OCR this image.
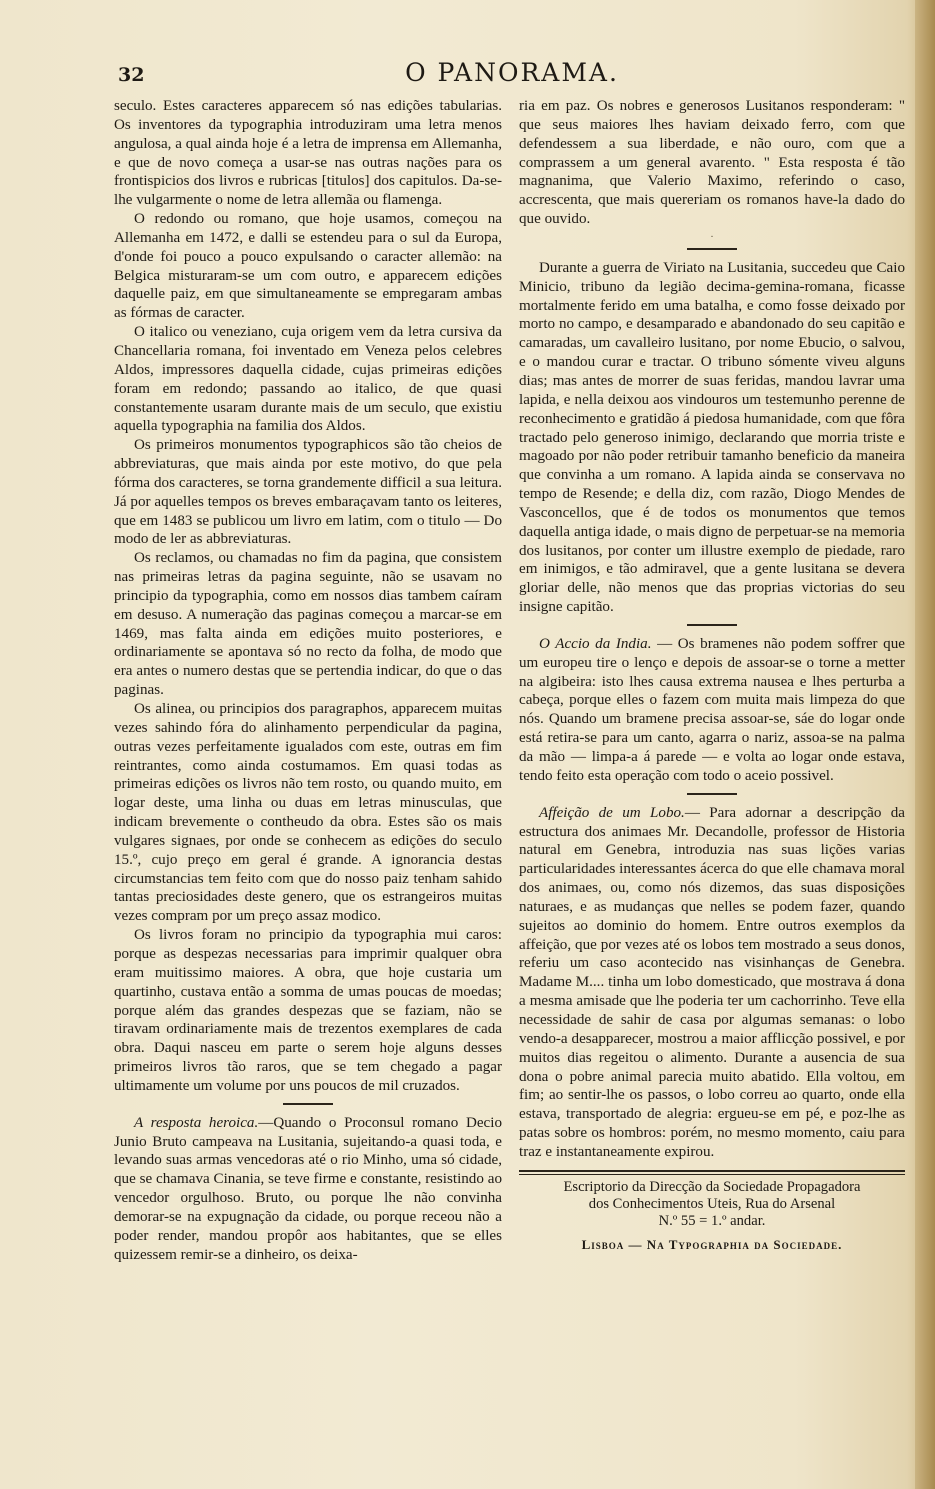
32	O PANORAMA.

seculo. Estes caracteres apparecem só nas edições tabularias. Os inventores da typographia introduziram uma letra menos angulosa, a qual ainda hoje é a letra de imprensa em Allemanha, e que de novo começa a usar-se nas outras nações para os frontispicios dos livros e rubricas [titulos] dos capitulos. Da-se-lhe vulgarmente o nome de letra allemãa ou flamenga.

O redondo ou romano, que hoje usamos, começou na Allemanha em 1472, e dalli se estendeu para o sul da Europa, d'onde foi pouco a pouco expulsando o caracter allemão: na Belgica misturaram-se um com outro, e apparecem edições daquelle paiz, em que simultaneamente se empregaram ambas as fórmas de caracter.

O italico ou veneziano, cuja origem vem da letra cursiva da Chancellaria romana, foi inventado em Veneza pelos celebres Aldos, impressores daquella cidade, cujas primeiras edições foram em redondo; passando ao italico, de que quasi constantemente usaram durante mais de um seculo, que existiu aquella typographia na familia dos Aldos.

Os primeiros monumentos typographicos são tão cheios de abbreviaturas, que mais ainda por este motivo, do que pela fórma dos caracteres, se torna grandemente difficil a sua leitura. Já por aquelles tempos os breves embaraçavam tanto os leiteres, que em 1483 se publicou um livro em latim, com o titulo — Do modo de ler as abbreviaturas.

Os reclamos, ou chamadas no fim da pagina, que consistem nas primeiras letras da pagina seguinte, não se usavam no principio da typographia, como em nossos dias tambem caíram em desuso. A numeração das paginas começou a marcar-se em 1469, mas falta ainda em edições muito posteriores, e ordinariamente se apontava só no recto da folha, de modo que era antes o numero destas que se pertendia indicar, do que o das paginas.

Os alinea, ou principios dos paragraphos, apparecem muitas vezes sahindo fóra do alinhamento perpendicular da pagina, outras vezes perfeitamente igualados com este, outras em fim reintrantes, como ainda costumamos. Em quasi todas as primeiras edições os livros não tem rosto, ou quando muito, em logar deste, uma linha ou duas em letras minusculas, que indicam brevemente o contheudo da obra. Estes são os mais vulgares signaes, por onde se conhecem as edições do seculo 15.º, cujo preço em geral é grande. A ignorancia destas circumstancias tem feito com que do nosso paiz tenham sahido tantas preciosidades deste genero, que os estrangeiros muitas vezes compram por um preço assaz modico.

Os livros foram no principio da typographia mui caros: porque as despezas necessarias para imprimir qualquer obra eram muitissimo maiores. A obra, que hoje custaria um quartinho, custava então a somma de umas poucas de moedas; porque além das grandes despezas que se faziam, não se tiravam ordinariamente mais de trezentos exemplares de cada obra. Daqui nasceu em parte o serem hoje alguns desses primeiros livros tão raros, que se tem chegado a pagar ultimamente um volume por uns poucos de mil cruzados.

A resposta heroica.—Quando o Proconsul romano Decio Junio Bruto campeava na Lusitania, sujeitando-a quasi toda, e levando suas armas vencedoras até o rio Minho, uma só cidade, que se chamava Cinania, se teve firme e constante, resistindo ao vencedor orgulhoso. Bruto, ou porque lhe não convinha demorar-se na expugnação da cidade, ou porque receou não a poder render, mandou propôr aos habitantes, que se elles quizessem remir-se a dinheiro, os deixa-

ria em paz. Os nobres e generosos Lusitanos responderam: " que seus maiores lhes haviam deixado ferro, com que defendessem a sua liberdade, e não ouro, com que a comprassem a um general avarento. " Esta resposta é tão magnanima, que Valerio Maximo, referindo o caso, accrescenta, que mais quereriam os romanos have-la dado do que ouvido.

.

Durante a guerra de Viriato na Lusitania, succedeu que Caio Minicio, tribuno da legião decima-gemina-romana, ficasse mortalmente ferido em uma batalha, e como fosse deixado por morto no campo, e desamparado e abandonado do seu capitão e camaradas, um cavalleiro lusitano, por nome Ebucio, o salvou, e o mandou curar e tractar. O tribuno sómente viveu alguns dias; mas antes de morrer de suas feridas, mandou lavrar uma lapida, e nella deixou aos vindouros um testemunho perenne de reconhecimento e gratidão á piedosa humanidade, com que fôra tractado pelo generoso inimigo, declarando que morria triste e magoado por não poder retribuir tamanho beneficio da maneira que convinha a um romano. A lapida ainda se conservava no tempo de Resende; e della diz, com razão, Diogo Mendes de Vasconcellos, que é de todos os monumentos que temos daquella antiga idade, o mais digno de perpetuar-se na memoria dos lusitanos, por conter um illustre exemplo de piedade, raro em inimigos, e tão admiravel, que a gente lusitana se devera gloriar delle, não menos que das proprias victorias do seu insigne capitão.

O Accio da India. — Os bramenes não podem soffrer que um europeu tire o lenço e depois de assoar-se o torne a metter na algibeira: isto lhes causa extrema nausea e lhes perturba a cabeça, porque elles o fazem com muita mais limpeza do que nós. Quando um bramene precisa assoar-se, sáe do logar onde está retira-se para um canto, agarra o nariz, assoa-se na palma da mão — limpa-a á parede — e volta ao logar onde estava, tendo feito esta operação com todo o aceio possivel.

Affeição de um Lobo.— Para adornar a descripção da estructura dos animaes Mr. Decandolle, professor de Historia natural em Genebra, introduzia nas suas lições varias particularidades interessantes ácerca do que elle chamava moral dos animaes, ou, como nós dizemos, das suas disposições naturaes, e as mudanças que nelles se podem fazer, quando sujeitos ao dominio do homem. Entre outros exemplos da affeição, que por vezes até os lobos tem mostrado a seus donos, referiu um caso acontecido nas visinhanças de Genebra. Madame M.... tinha um lobo domesticado, que mostrava á dona a mesma amisade que lhe poderia ter um cachorrinho. Teve ella necessidade de sahir de casa por algumas semanas: o lobo vendo-a desapparecer, mostrou a maior afflicção possivel, e por muitos dias regeitou o alimento. Durante a ausencia de sua dona o pobre animal parecia muito abatido. Ella voltou, em fim; ao sentir-lhe os passos, o lobo correu ao quarto, onde ella estava, transportado de alegria: ergueu-se em pé, e poz-lhe as patas sobre os hombros: porém, no mesmo momento, caiu para traz e instantaneamente expirou.

Escriptorio da Direcção da Sociedade Propagadora
dos Conhecimentos Uteis, Rua do Arsenal
N.º 55 = 1.º andar.
Lisboa — Na Typographia da Sociedade.
